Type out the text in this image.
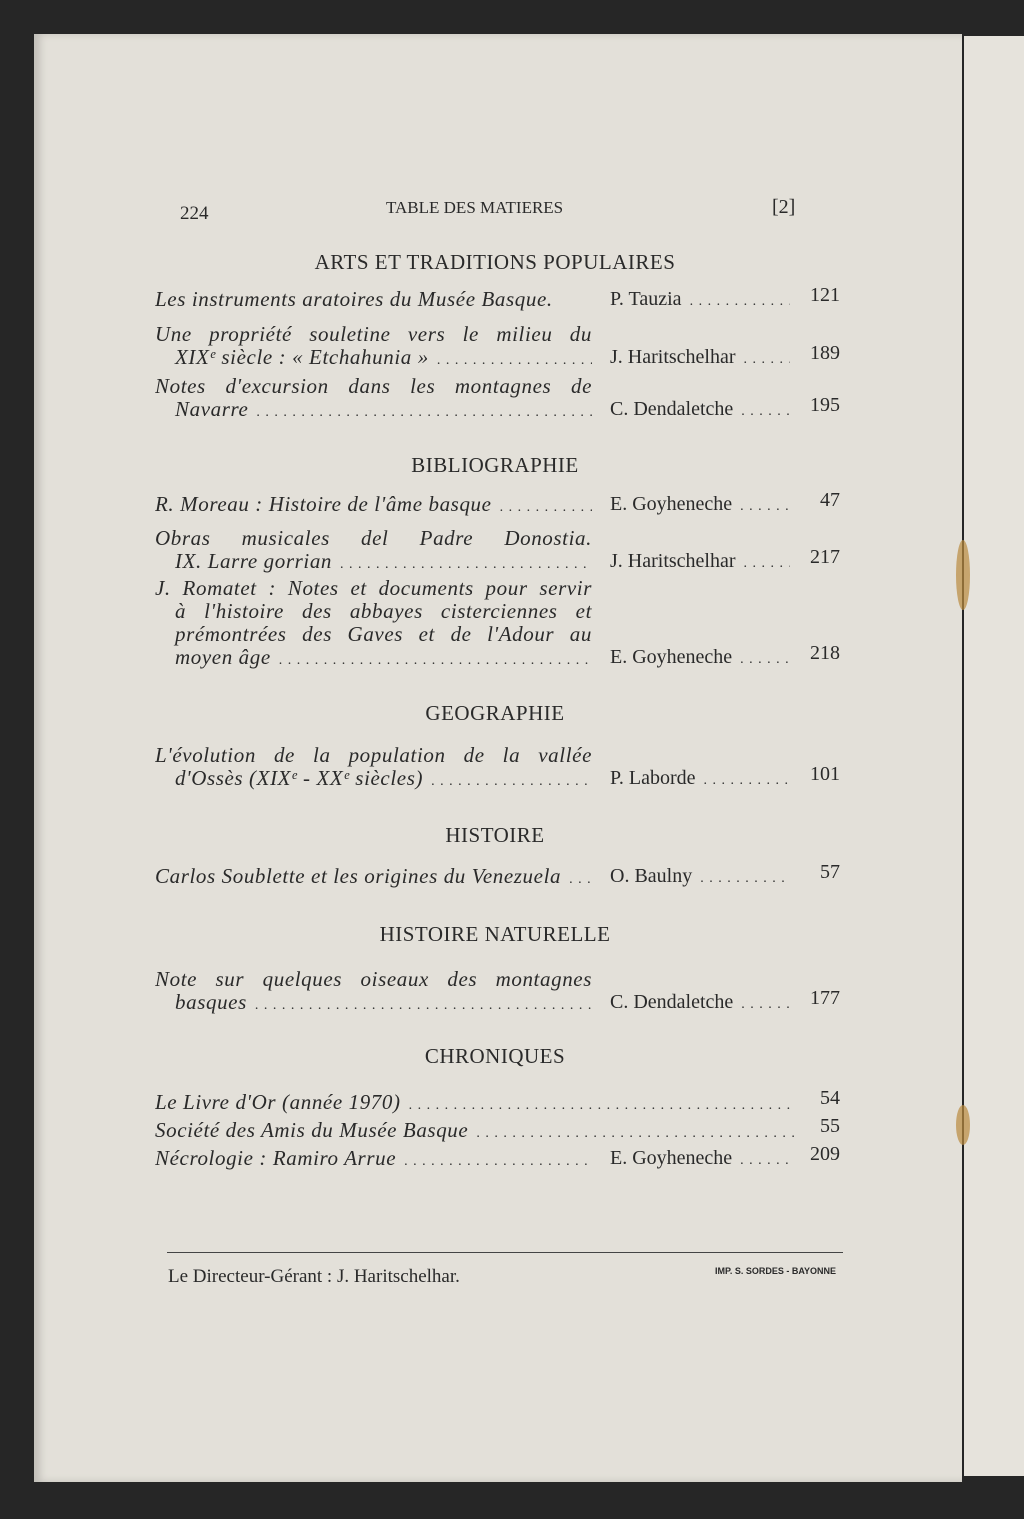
224	TABLE DES MATIERES	[2]
ARTS ET TRADITIONS POPULAIRES
Les instruments aratoires du Musée Basque.	P. Tauzia . . .	121
Une propriété souletine vers le milieu du
XIXᵉ siècle : « Etchahunia » . . .	J. Haritschelhar . . .	189
Notes d'excursion dans les montagnes de
Navarre . . .	C. Dendaletche . . .	195
BIBLIOGRAPHIE
R. Moreau : Histoire de l'âme basque . . .	E. Goyheneche . . .	47
Obras musicales del Padre Donostia.
IX. Larre gorrian . . .	J. Haritschelhar . . .	217
J. Romatet : Notes et documents pour servir
à l'histoire des abbayes cisterciennes et
prémontrées des Gaves et de l'Adour au
moyen âge . . .	E. Goyheneche . . .	218
GEOGRAPHIE
L'évolution de la population de la vallée
d'Ossès (XIXᵉ - XXᵉ siècles) . . .	P. Laborde . . .	101
HISTOIRE
Carlos Soublette et les origines du Venezuela . . . O. Baulny . . .	57
HISTOIRE NATURELLE
Note sur quelques oiseaux des montagnes
basques . . .	C. Dendaletche . . .	177
CHRONIQUES
Le Livre d'Or (année 1970) . . .	54
Société des Amis du Musée Basque . . .	55
Nécrologie : Ramiro Arrue . . .	E. Goyheneche . . .	209
Le Directeur-Gérant : J. Haritschelhar.	IMP. S. SORDES - BAYONNE
